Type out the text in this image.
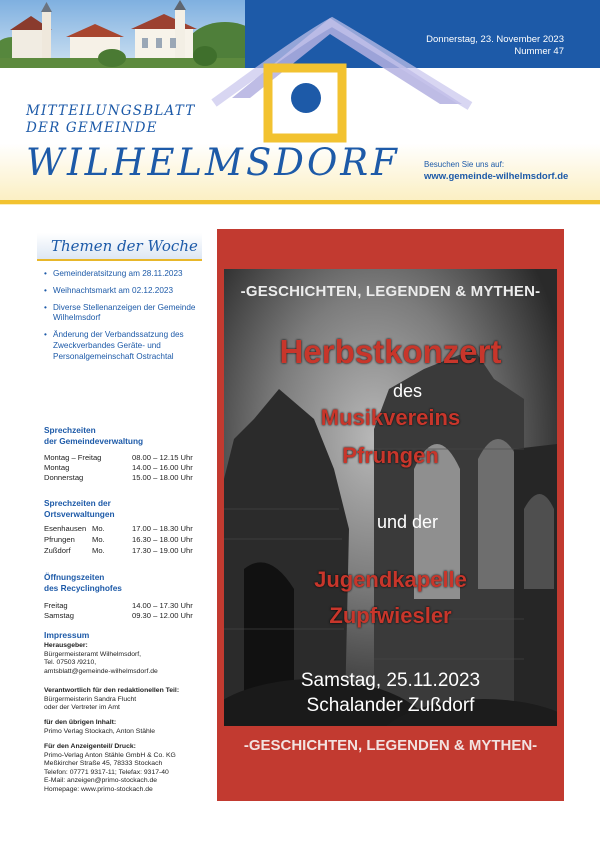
Donnerstag, 23. November 2023
Nummer 47
MITTEILUNGSBLATT
DER GEMEINDE
WILHELMSDORF	Besuchen Sie uns auf:
www.gemeinde-wilhelmsdorf.de
Themen der Woche
• Gemeinderatsitzung am 28.11.2023
• Weihnachtsmarkt am 02.12.2023
• Diverse Stellenanzeigen der Gemeinde Wilhelmsdorf
• Änderung der Verbandssatzung des Zweckverbandes Geräte- und Personalgemeinschaft Ostrachtal
Sprechzeiten
der Gemeindeverwaltung
Montag – Freitag	08.00 – 12.15 Uhr
Montag	14.00 – 16.00 Uhr
Donnerstag	15.00 – 18.00 Uhr
Sprechzeiten der
Ortsverwaltungen
Esenhausen Mo.	17.00 – 18.30 Uhr
Pfrungen Mo.	16.30 – 18.00 Uhr
Zußdorf	Mo.	17.30 – 19.00 Uhr
Öffnungszeiten
des Recyclinghofes
Freitag	14.00 – 17.30 Uhr
Samstag	09.30 – 12.00 Uhr
Impressum
Herausgeber:
Bürgermeisteramt Wilhelmsdorf,
Tel. 07503 /9210,
amtsblatt@gemeinde-wilhelmsdorf.de
Verantwortlich für den redaktionellen Teil:
Bürgermeisterin Sandra Flucht
oder der Vertreter im Amt
für den übrigen Inhalt:
Primo Verlag Stockach, Anton Stähle
Für den Anzeigenteil/ Druck:
Primo-Verlag Anton Stähle GmbH & Co. KG
Meßkircher Straße 45, 78333 Stockach
Telefon: 07771 9317-11; Telefax: 9317-40
E-Mail: anzeigen@primo-stockach.de
Homepage: www.primo-stockach.de
-GESCHICHTEN, LEGENDEN & MYTHEN-
Herbstkonzert
des
Musikvereins
Pfrungen
und der
Jugendkapelle
Zupfwiesler
Samstag, 25.11.2023
Schalander Zußdorf
-GESCHICHTEN, LEGENDEN & MYTHEN-
